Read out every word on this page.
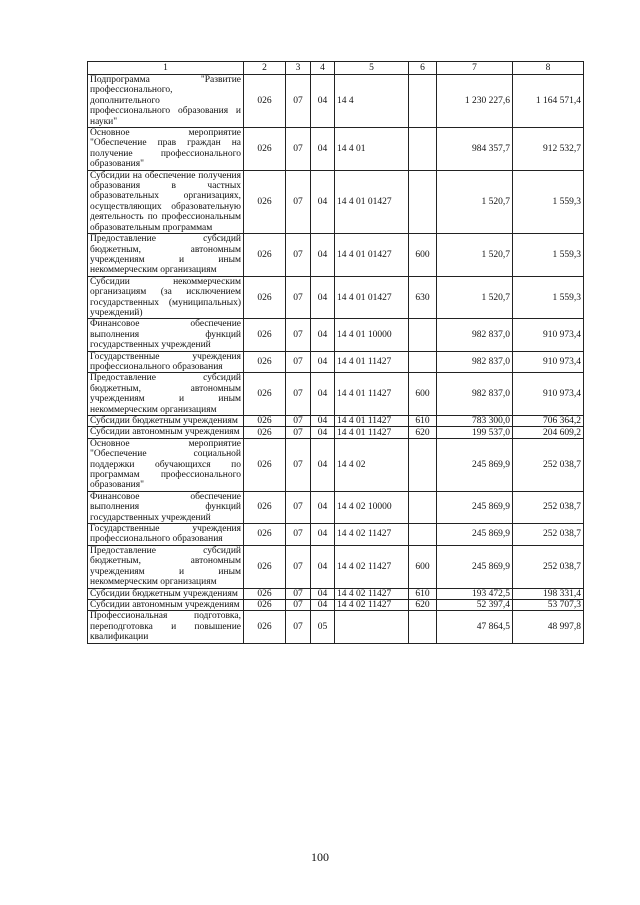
1	2	3	4	5	6	7	8
Подпрограмма "Развитие профессионального, дополнительного профессионального образования и науки"	026	07	04	14 4		1 230 227,6	1 164 571,4
Основное мероприятие "Обеспечение прав граждан на получение профессионального образования"	026	07	04	14 4 01		984 357,7	912 532,7
Субсидии на обеспечение получения образования в частных образовательных организациях, осуществляющих образовательную деятельность по профессиональным образовательным программам	026	07	04	14 4 01 01427		1 520,7	1 559,3
Предоставление субсидий бюджетным, автономным учреждениям и иным некоммерческим организациям	026	07	04	14 4 01 01427	600	1 520,7	1 559,3
Субсидии некоммерческим организациям (за исключением государственных (муниципальных) учреждений)	026	07	04	14 4 01 01427	630	1 520,7	1 559,3
Финансовое обеспечение выполнения функций государственных учреждений	026	07	04	14 4 01 10000		982 837,0	910 973,4
Государственные учреждения профессионального образования	026	07	04	14 4 01 11427		982 837,0	910 973,4
Предоставление субсидий бюджетным, автономным учреждениям и иным некоммерческим организациям	026	07	04	14 4 01 11427	600	982 837,0	910 973,4
Субсидии бюджетным учреждениям	026	07	04	14 4 01 11427	610	783 300,0	706 364,2
Субсидии автономным учреждениям	026	07	04	14 4 01 11427	620	199 537,0	204 609,2
Основное мероприятие "Обеспечение социальной поддержки обучающихся по программам профессионального образования"	026	07	04	14 4 02		245 869,9	252 038,7
Финансовое обеспечение выполнения функций государственных учреждений	026	07	04	14 4 02 10000		245 869,9	252 038,7
Государственные учреждения профессионального образования	026	07	04	14 4 02 11427		245 869,9	252 038,7
Предоставление субсидий бюджетным, автономным учреждениям и иным некоммерческим организациям	026	07	04	14 4 02 11427	600	245 869,9	252 038,7
Субсидии бюджетным учреждениям	026	07	04	14 4 02 11427	610	193 472,5	198 331,4
Субсидии автономным учреждениям	026	07	04	14 4 02 11427	620	52 397,4	53 707,3
Профессиональная подготовка, переподготовка и повышение квалификации	026	07	05			47 864,5	48 997,8
100
